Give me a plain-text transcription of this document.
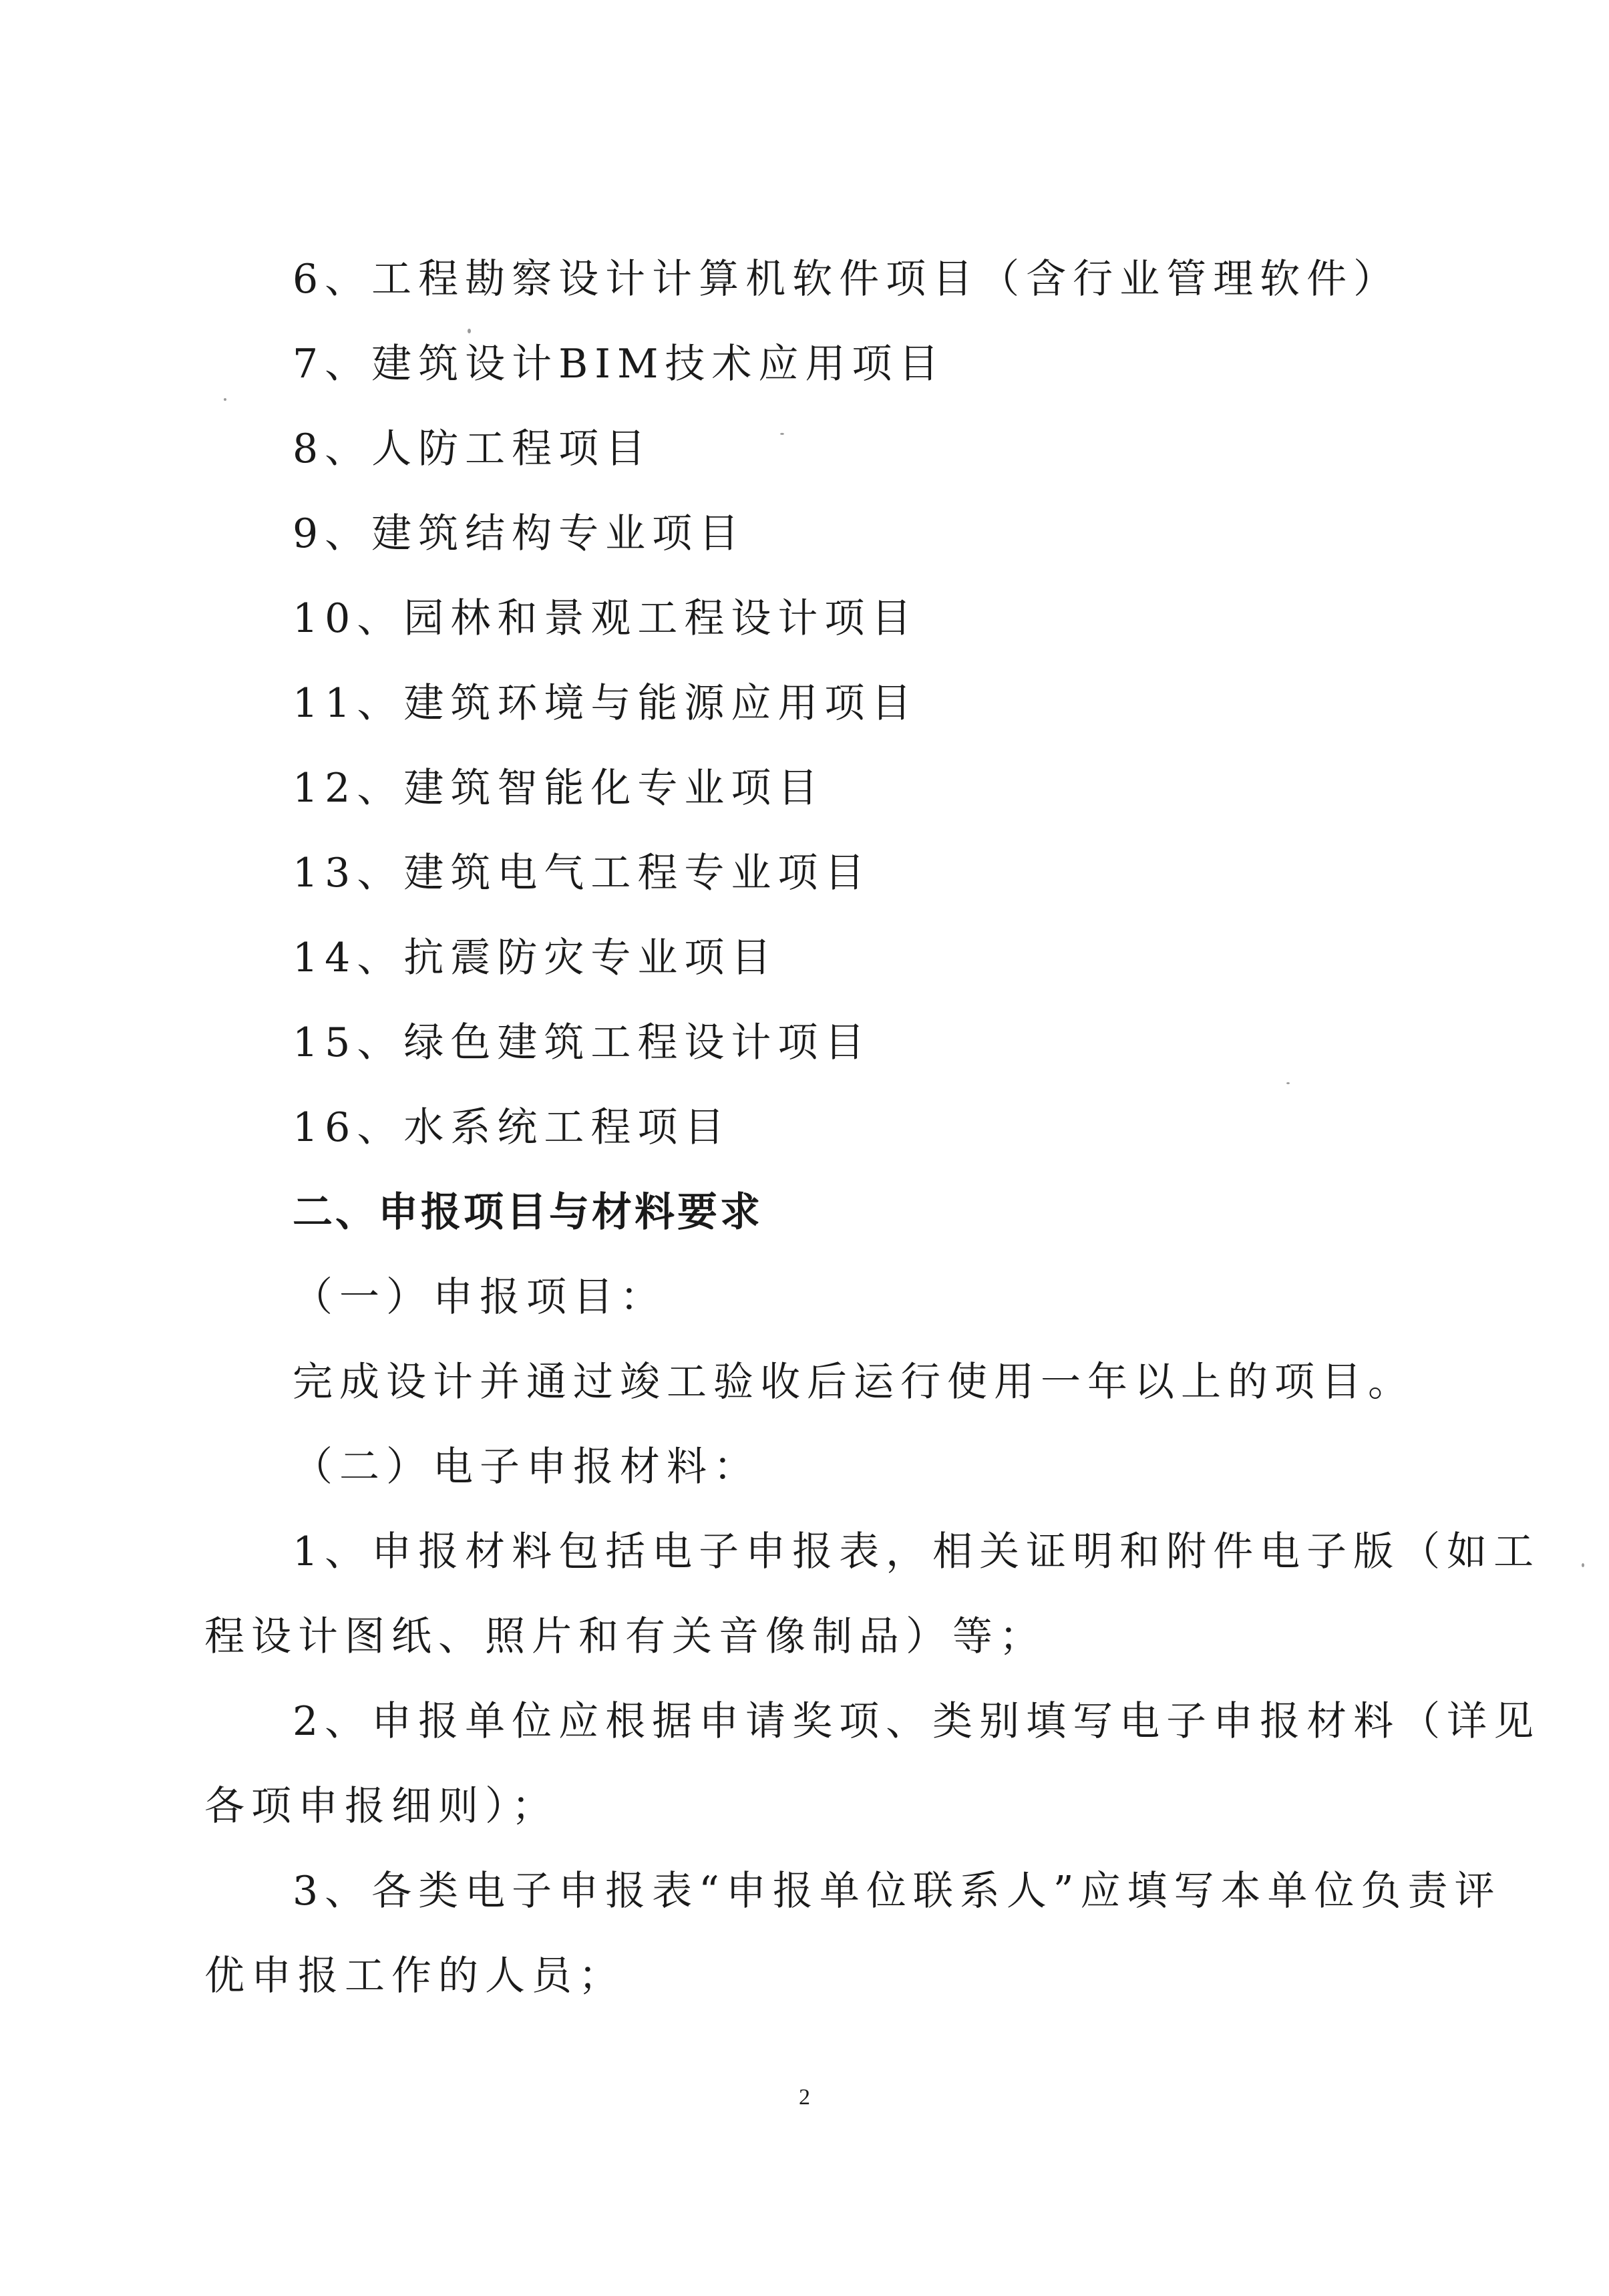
6、工程勘察设计计算机软件项目（含行业管理软件）
7、建筑设计BIM技术应用项目
8、人防工程项目
9、建筑结构专业项目
10、园林和景观工程设计项目
11、建筑环境与能源应用项目
12、建筑智能化专业项目
13、建筑电气工程专业项目
14、抗震防灾专业项目
15、绿色建筑工程设计项目
16、水系统工程项目
二、申报项目与材料要求
（一）申报项目：
完成设计并通过竣工验收后运行使用一年以上的项目。
（二）电子申报材料：
1、申报材料包括电子申报表，相关证明和附件电子版（如工
程设计图纸、照片和有关音像制品）等；
2、申报单位应根据申请奖项、类别填写电子申报材料（详见
各项申报细则）；
3、各类电子申报表“申报单位联系人”应填写本单位负责评
优申报工作的人员；
2
